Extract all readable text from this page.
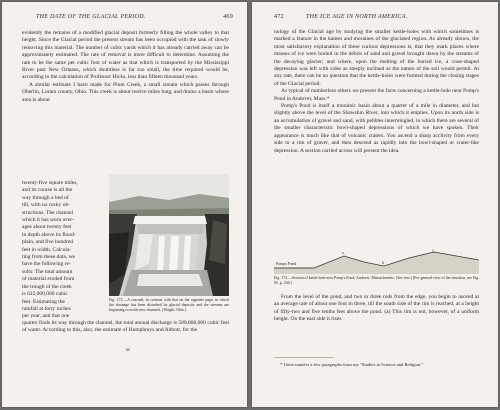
THE DATE OF THE GLACIAL PERIOD.	469

evidently the remains of a modified glacial deposit formerly filling the whole valley to that height. Since the Glacial period the present stream has been occupied with the task of slowly removing this material. The number of cubic yards which it has already carried away can be approximately estimated. The rate of removal is more difficult to determine. Assuming the rate to be the same per cubic foot of water as that which is transported by the Mississippi River past New Orleans, which doubtless is far too small, the time required would be, according to the calculation of Professor Hicks, less than fifteen thousand years.

A similar estimate I have made for Plum Creek, a small stream which passes through Oberlin, Lorain county, Ohio. This creek is about twelve miles long, and drains a basin whose area is about

twenty-five square miles,
and its course is all the
way through a bed of
till, with no rocky ob-
structions. The channel
which it has worn aver-
ages about twenty feet
in depth above its flood-
plain, and five hundred
feet in width. Calcula-
ting from these data, we
have the following re-
sults: The total amount
of material eroded from
the trough of the creek
is 622,000,000 cubic
feet. Estimating the
rainfall at forty inches
per year, and that one
Fig. 173.—A cascade, in contrast with that on the opposite page, in which the drainage has been disturbed by glacial deposits and the streams are beginning to erode new channels. (Wright, Ohio.)

quarter finds its way through the channel, the total annual discharge is 580,800,000 cubic feet of water. According to this, also, the estimate of Humphreys and Abbott, for the

sc
472	THE ICE AGE IN NORTH AMERICA.

nology of the Glacial age by studying the smaller kettle-holes with which sometimes is marked a feature in the kames and moraines of the glaciated region. As already shown, the most satisfactory explanation of these curious depressions is, that they mark places where masses of ice were buried in the débris of sand and gravel brought down by the streams of the decaying glacier; and where, upon the melting of the buried ice, a cone-shaped depression was left with sides as steeply inclined as the nature of the soil would permit. At any rate, there can be no question that the kettle-holes were formed during the closing stages of the Glacial period.

As typical of numberless others we present the facts concerning a kettle-hole near Pomp's Pond in Andover, Mass.*

Pomp's Pond is itself a morainic basin about a quarter of a mile in diameter, and but slightly above the level of the Shawshin River, into which it empties. Upon its north side is an accumulation of gravel and sand, with pebbles intermingled, in which there are several of the smaller characteristic bowl-shaped depressions of which we have spoken. Their appearance is much like that of volcanic craters. You ascend a sharp acclivity from every side to a rim of gravel, and then descend as rapidly into the bowl-shaped or crater-like depression. A section carried across will present the idea.

Pomps Pond
a
b
c
Fig. 174.—Section of kettle-hole near Pomp's Pond, Andover, Massachusetts. (See text.) (For general view of the situation, see Fig. 65, p. 236.)

From the level of the pond, and two or three rods from the edge, you begin to ascend at an average rate of about one foot in three, till the south side of the rim is reached, at a height of fifty-two and five tenths feet above the pond. (a) This rim is not, however, of a uniform height. On the east side it rises

* I here transfer a few paragraphs from my "Studies in Science and Religion."
